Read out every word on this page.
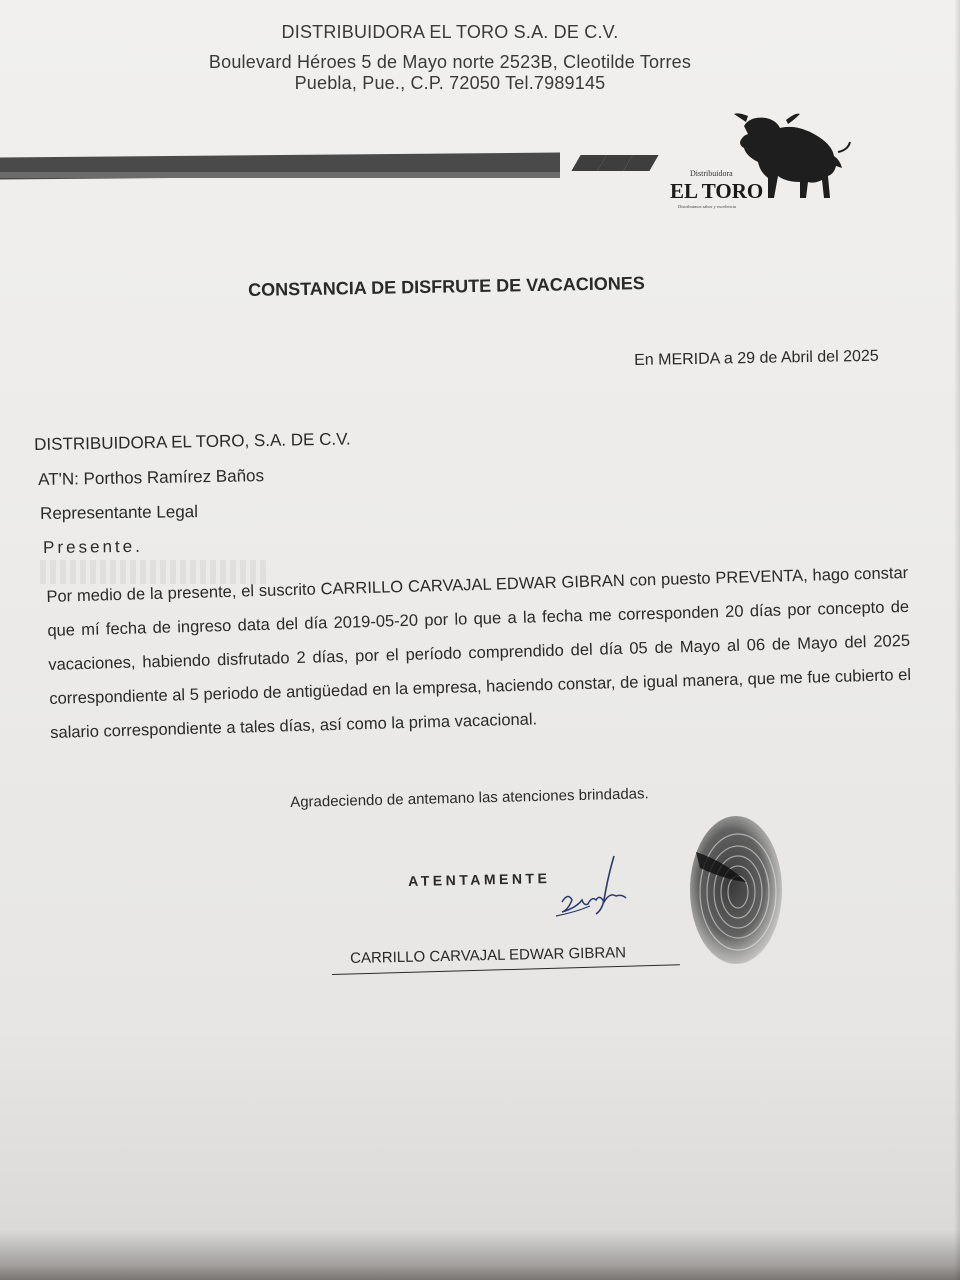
DISTRIBUIDORA EL TORO S.A. DE C.V.
Boulevard Héroes 5 de Mayo norte 2523B, Cleotilde Torres
Puebla, Pue., C.P. 72050 Tel.7989145
Distribuidora
EL TORO
Distribuimos sabor y excelencia
CONSTANCIA DE DISFRUTE DE VACACIONES
En MERIDA a 29 de Abril del 2025
DISTRIBUIDORA EL TORO, S.A. DE C.V.
AT'N: Porthos Ramírez Baños
Representante Legal
Presente.
Por medio de la presente, el suscrito CARRILLO CARVAJAL EDWAR GIBRAN con puesto PREVENTA, hago constar que mí fecha de ingreso data del día 2019-05-20 por lo que a la fecha me corresponden 20 días por concepto de vacaciones, habiendo disfrutado 2 días, por el período comprendido del día 05 de Mayo al 06 de Mayo del 2025 correspondiente al 5 periodo de antigüedad en la empresa, haciendo constar, de igual manera, que me fue cubierto el salario correspondiente a tales días, así como la prima vacacional.
Agradeciendo de antemano las atenciones brindadas.
ATENTAMENTE
CARRILLO CARVAJAL EDWAR GIBRAN
